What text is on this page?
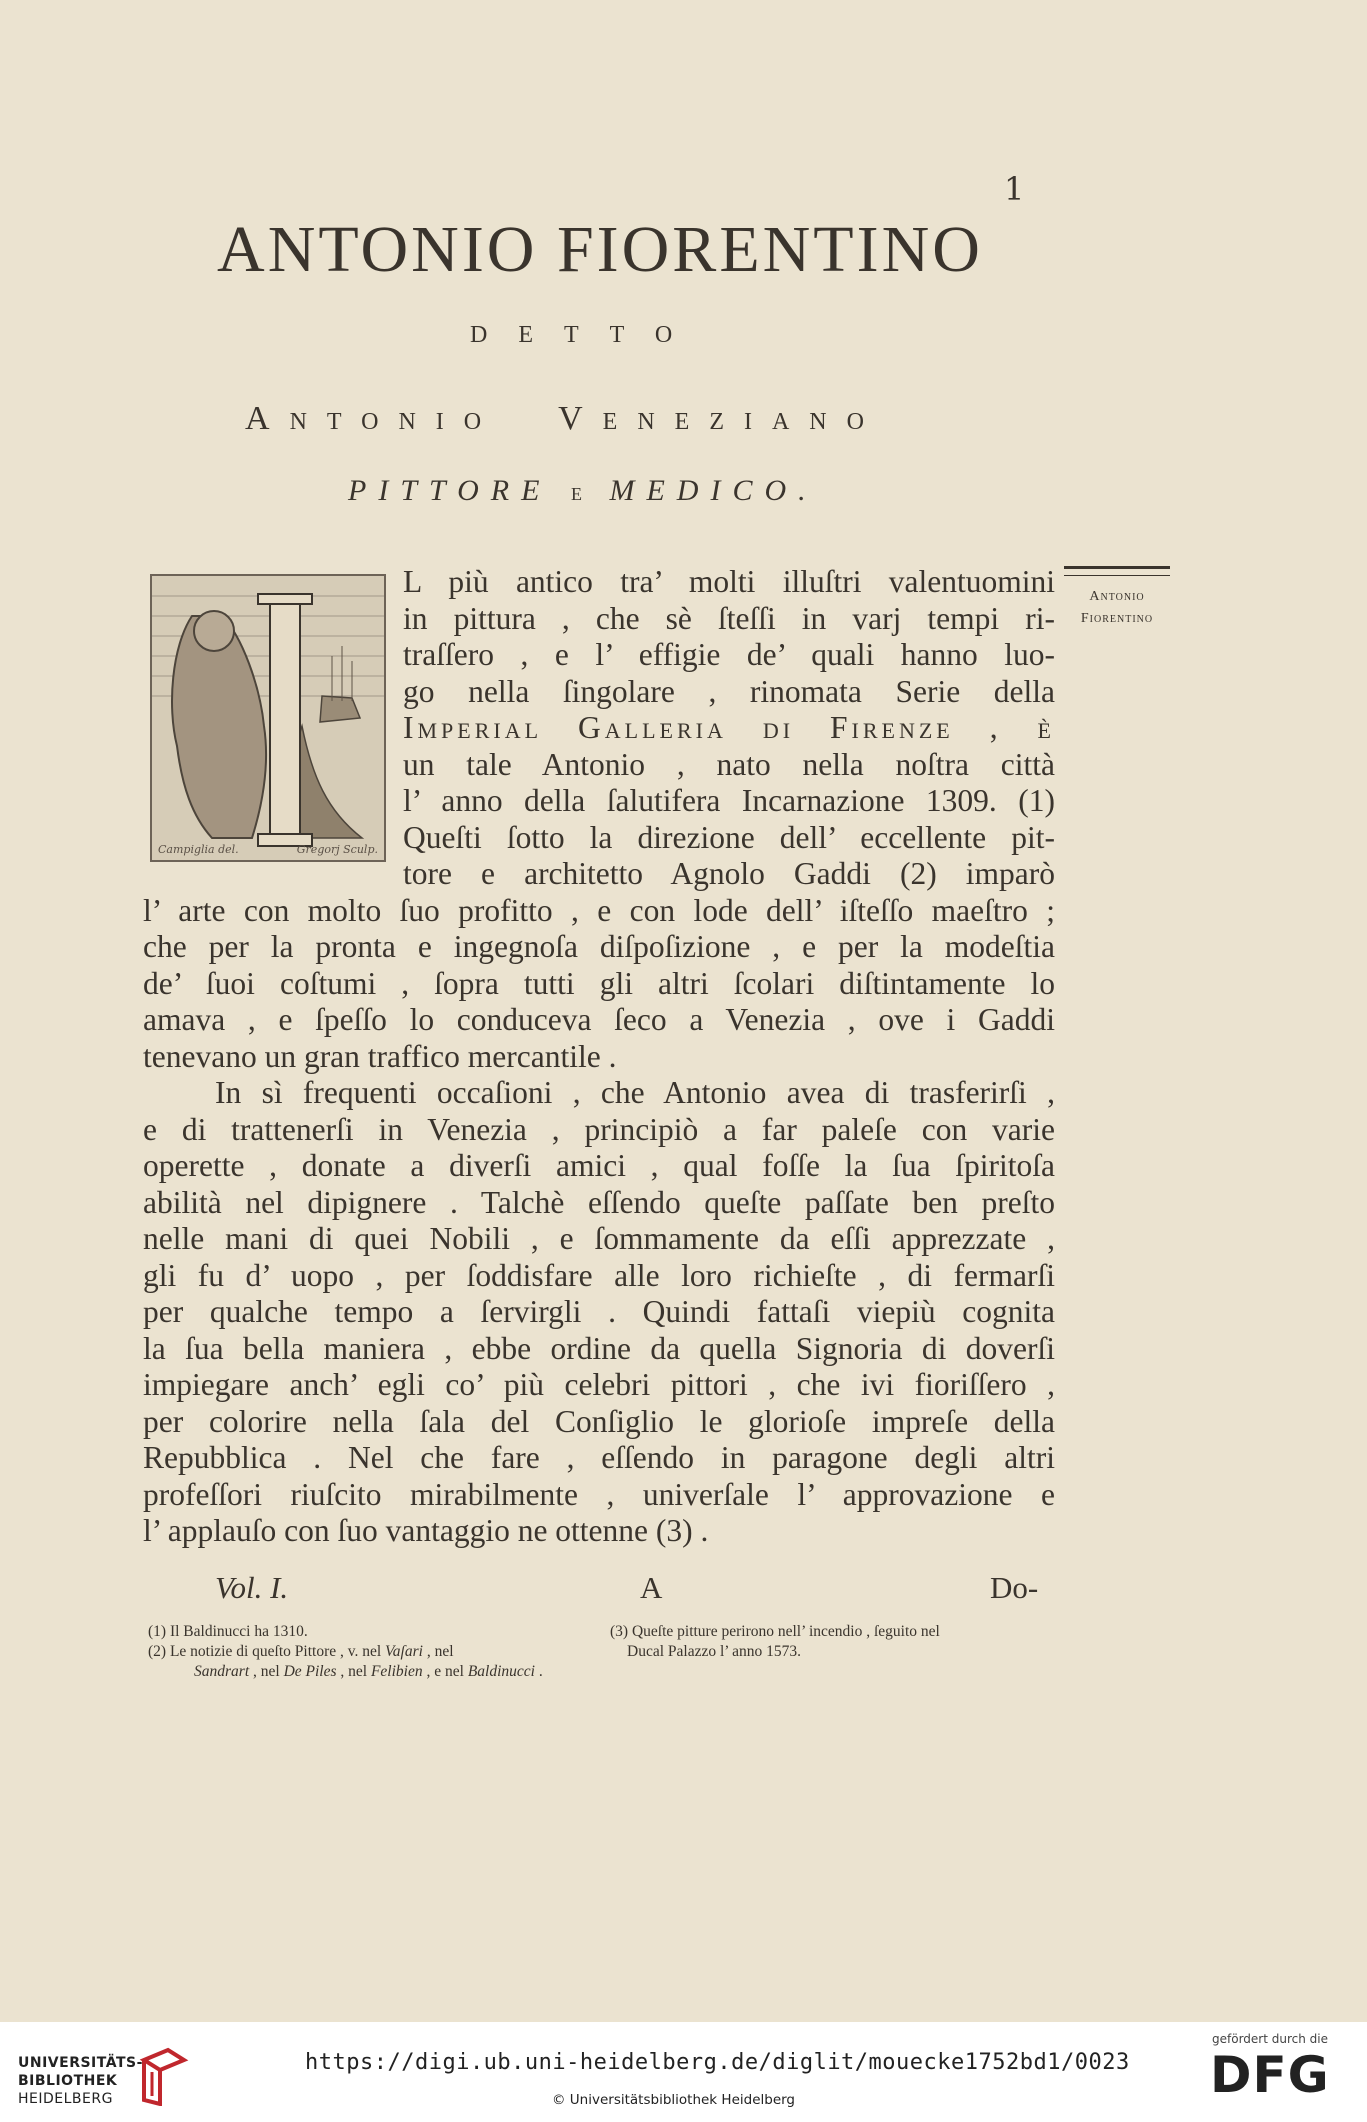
1
ANTONIO FIORENTINO
DETTO
ANTONIO VENEZIANO
PITTORE E MEDICO.
Campiglia del.	Gregorj Sculp.
Antonio
Fiorentino
L più antico tra’ molti illuſtri valentuomini
in pittura , che sè ſteſſi in varj tempi ri-
traſſero , e l’ effigie de’ quali hanno luo-
go nella ſingolare , rinomata Serie della
Imperial Galleria di Firenze , è
un tale Antonio , nato nella noſtra città
l’ anno della ſalutifera Incarnazione 1309. (1)
Queſti ſotto la direzione dell’ eccellente pit-
tore e architetto Agnolo Gaddi (2) imparò
l’ arte con molto ſuo profitto , e con lode dell’ iſteſſo maeſtro ;
che per la pronta e ingegnoſa diſpoſizione , e per la modeſtia
de’ ſuoi coſtumi , ſopra tutti gli altri ſcolari diſtintamente lo
amava , e ſpeſſo lo conduceva ſeco a Venezia , ove i Gaddi
tenevano un gran traffico mercantile .
In sì frequenti occaſioni , che Antonio avea di trasferirſi ,
e di trattenerſi in Venezia , principiò a far paleſe con varie
operette , donate a diverſi amici , qual foſſe la ſua ſpiritoſa
abilità nel dipignere . Talchè eſſendo queſte paſſate ben preſto
nelle mani di quei Nobili , e ſommamente da eſſi apprezzate ,
gli fu d’ uopo , per ſoddisfare alle loro richieſte , di fermarſi
per qualche tempo a ſervirgli . Quindi fattaſi viepiù cognita
la ſua bella maniera , ebbe ordine da quella Signoria di doverſi
impiegare anch’ egli co’ più celebri pittori , che ivi fioriſſero ,
per colorire nella ſala del Conſiglio le glorioſe impreſe della
Repubblica . Nel che fare , eſſendo in paragone degli altri
profeſſori riuſcito mirabilmente , univerſale l’ approvazione e
l’ applauſo con ſuo vantaggio ne ottenne (3) .
Vol. I.	A	Do-
(1) Il Baldinucci ha 1310.
(2) Le notizie di queſto Pittore , v. nel Vaſari , nel
Sandrart , nel De Piles , nel Felibien , e nel Baldinucci .
(3) Queſte pitture perirono nell’ incendio , ſeguito nel
Ducal Palazzo l’ anno 1573.
UNIVERSITÄTS-
BIBLIOTHEK
HEIDELBERG
https://digi.ub.uni-heidelberg.de/diglit/mouecke1752bd1/0023
© Universitätsbibliothek Heidelberg
gefördert durch die
DFG
